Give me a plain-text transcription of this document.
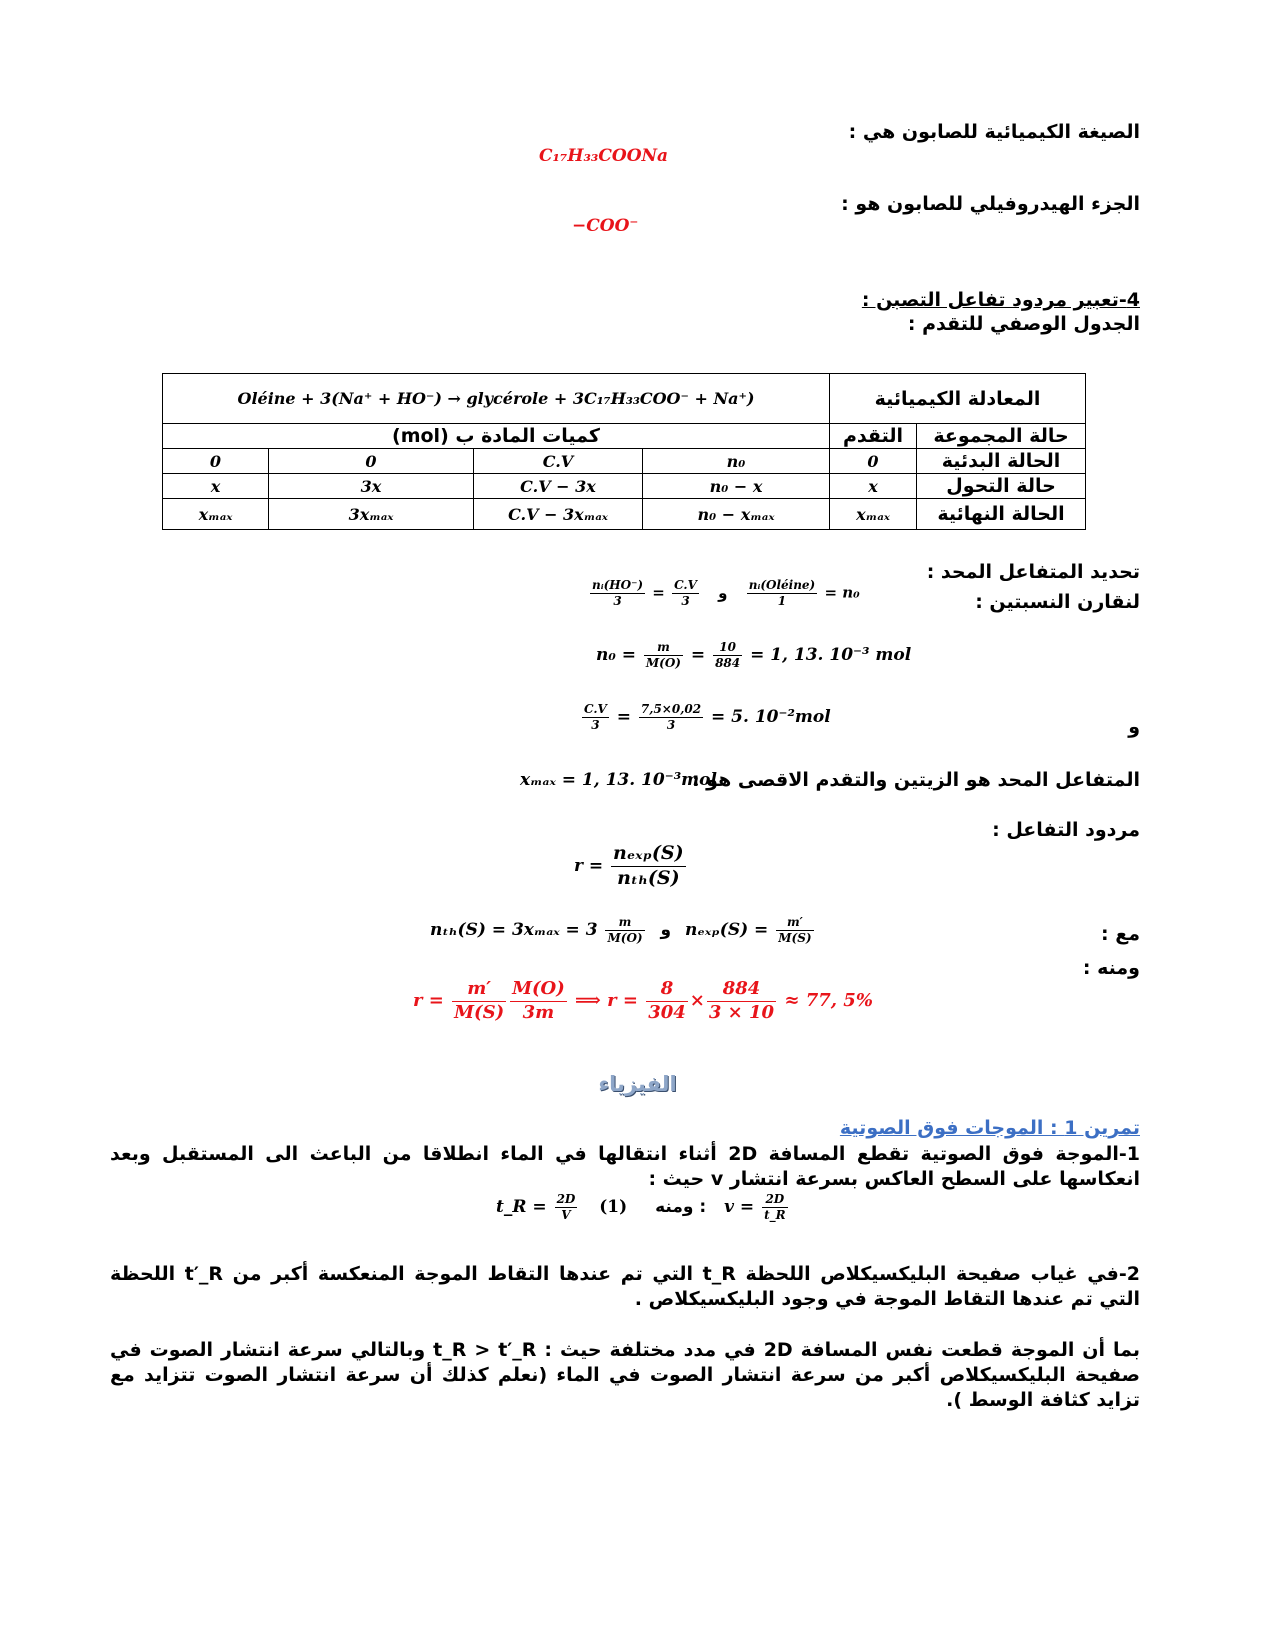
الصيغة الكيميائية للصابون هي :
C₁₇H₃₃COONa
الجزء الهيدروفيلي للصابون هو :
−COO⁻
4-تعبير مردود تفاعل التصبن :
الجدول الوصفي للتقدم :
المعادلة الكيميائية		Oléine + 3(Na⁺ + HO⁻) → glycérole + 3C₁₇H₃₃COO⁻ + Na⁺)			
حالة المجموعة	التقدم	كميات المادة ب (mol)			
الحالة البدئية	0	n₀	C.V	0	0
حالة التحول	x	n₀ − x	C.V − 3x	3x	x
الحالة النهائية	xₘₐₓ	n₀ − xₘₐₓ	C.V − 3xₘₐₓ	3xₘₐₓ	xₘₐₓ
تحديد المتفاعل المحد :
لنقارن النسبتين :
$\frac{\text{nᵢ(HO⁻)}}{3} = \frac{C.V}{3}$ و $\frac{\text{nᵢ(Oléine)}}{1} = n_0$
$n_0 = \frac{m}{M(O)} = \frac{10}{884} = 1$, 13. 10⁻³ mol
و
$\frac{C.V}{3} = \frac{7,5\times 0,02}{3} = 5$. 10⁻²mol
المتفاعل المحد هو الزيتين والتقدم الاقصى هو :
xₘₐₓ = 1, 13. 10⁻³mol
مردود التفاعل :
$r = \frac{\text{nₑₓₚ(S)}}{\text{nₜₕ(S)}}$
مع :
$n_{th}(S) = 3x_{max} = 3 \frac{m}{M(O)}$ و $n_{exp}(S) = \frac{m'}{M(S)}$
ومنه :
$r = \frac{m'}{M(S)} \frac{M(O)}{3m}$ ⟹ $r = \frac{8}{304} \times \frac{884}{3 \times 10} \approx 77$, 5%
الفيزياء
تمرين 1 : الموجات فوق الصوتية
1-الموجة فوق الصوتية تقطع المسافة 2D أثناء انتقالها في الماء انطلاقا من الباعث الى المستقبل وبعد انعكاسها على السطح العاكس بسرعة انتشار v حيث :
t_R = $\frac{2D}{V} (1)$ ومنه : $v = \frac{2D}{t\_R}$
2-في غياب صفيحة البليكسيكلاص اللحظة t_R التي تم عندها التقاط الموجة المنعكسة أكبر من t′_R اللحظة التي تم عندها التقاط الموجة في وجود البليكسيكلاص .
بما أن الموجة قطعت نفس المسافة 2D في مدد مختلفة حيث : t_R > t′_R وبالتالي سرعة انتشار الصوت في صفيحة البليكسيكلاص أكبر من سرعة انتشار الصوت في الماء (نعلم كذلك أن سرعة انتشار الصوت تتزايد مع تزايد كثافة الوسط ).
